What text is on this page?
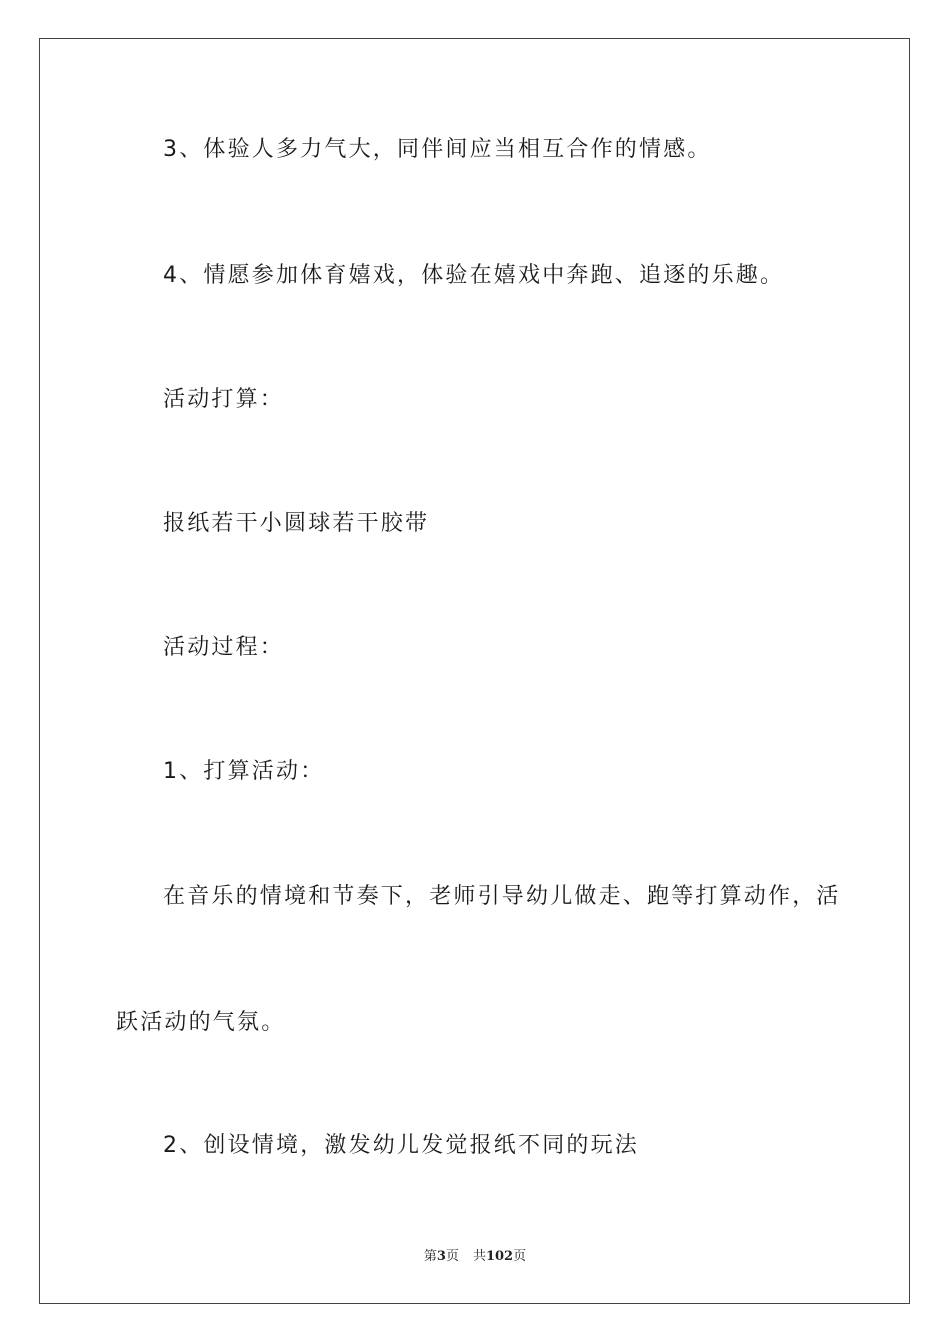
3、体验人多力气大，同伴间应当相互合作的情感。
4、情愿参加体育嬉戏，体验在嬉戏中奔跑、追逐的乐趣。
活动打算：
报纸若干小圆球若干胶带
活动过程：
1、打算活动：
在音乐的情境和节奏下，老师引导幼儿做走、跑等打算动作，活
跃活动的气氛。
2、创设情境，激发幼儿发觉报纸不同的玩法
第3页 共102页
